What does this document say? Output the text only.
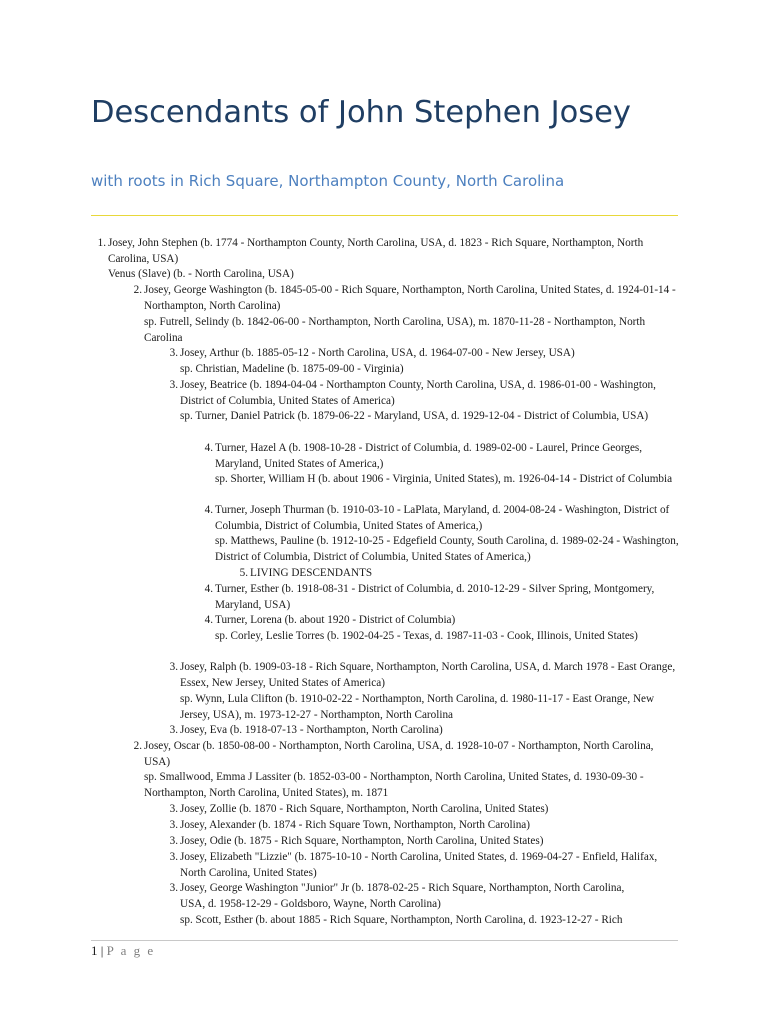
Descendants of John Stephen Josey
with roots in Rich Square, Northampton County, North Carolina
1. Josey, John Stephen (b. 1774 - Northampton County, North Carolina, USA, d. 1823 - Rich Square, Northampton, North Carolina, USA)
Venus (Slave) (b. - North Carolina, USA)
2. Josey, George Washington (b. 1845-05-00 - Rich Square, Northampton, North Carolina, United States, d. 1924-01-14 - Northampton, North Carolina)
sp. Futrell, Selindy (b. 1842-06-00 - Northampton, North Carolina, USA), m. 1870-11-28 - Northampton, North Carolina
3. Josey, Arthur (b. 1885-05-12 - North Carolina, USA, d. 1964-07-00 - New Jersey, USA)
sp. Christian, Madeline (b. 1875-09-00 - Virginia)
3. Josey, Beatrice (b. 1894-04-04 - Northampton County, North Carolina, USA, d. 1986-01-00 - Washington, District of Columbia, United States of America)
sp. Turner, Daniel Patrick (b. 1879-06-22 - Maryland, USA, d. 1929-12-04 - District of Columbia, USA)
4. Turner, Hazel A (b. 1908-10-28 - District of Columbia, d. 1989-02-00 - Laurel, Prince Georges, Maryland, United States of America,)
sp. Shorter, William H (b. about 1906 - Virginia, United States), m. 1926-04-14 - District of Columbia
4. Turner, Joseph Thurman (b. 1910-03-10 - LaPlata, Maryland, d. 2004-08-24 - Washington, District of Columbia, District of Columbia, United States of America,)
sp. Matthews, Pauline (b. 1912-10-25 - Edgefield County, South Carolina, d. 1989-02-24 - Washington, District of Columbia, District of Columbia, United States of America,)
5. LIVING DESCENDANTS
4. Turner, Esther (b. 1918-08-31 - District of Columbia, d. 2010-12-29 - Silver Spring, Montgomery, Maryland, USA)
4. Turner, Lorena (b. about 1920 - District of Columbia)
sp. Corley, Leslie Torres (b. 1902-04-25 - Texas, d. 1987-11-03 - Cook, Illinois, United States)
3. Josey, Ralph (b. 1909-03-18 - Rich Square, Northampton, North Carolina, USA, d. March 1978 - East Orange, Essex, New Jersey, United States of America)
sp. Wynn, Lula Clifton (b. 1910-02-22 - Northampton, North Carolina, d. 1980-11-17 - East Orange, New Jersey, USA), m. 1973-12-27 - Northampton, North Carolina
3. Josey, Eva (b. 1918-07-13 - Northampton, North Carolina)
2. Josey, Oscar (b. 1850-08-00 - Northampton, North Carolina, USA, d. 1928-10-07 - Northampton, North Carolina, USA)
sp. Smallwood, Emma J Lassiter (b. 1852-03-00 - Northampton, North Carolina, United States, d. 1930-09-30 - Northampton, North Carolina, United States), m. 1871
3. Josey, Zollie (b. 1870 - Rich Square, Northampton, North Carolina, United States)
3. Josey, Alexander (b. 1874 - Rich Square Town, Northampton, North Carolina)
3. Josey, Odie (b. 1875 - Rich Square, Northampton, North Carolina, United States)
3. Josey, Elizabeth "Lizzie" (b. 1875-10-10 - North Carolina, United States, d. 1969-04-27 - Enfield, Halifax, North Carolina, United States)
3. Josey, George Washington "Junior" Jr (b. 1878-02-25 - Rich Square, Northampton, North Carolina, USA, d. 1958-12-29 - Goldsboro, Wayne, North Carolina)
sp. Scott, Esther (b. about 1885 - Rich Square, Northampton, North Carolina, d. 1923-12-27 - Rich
1 | P a g e
